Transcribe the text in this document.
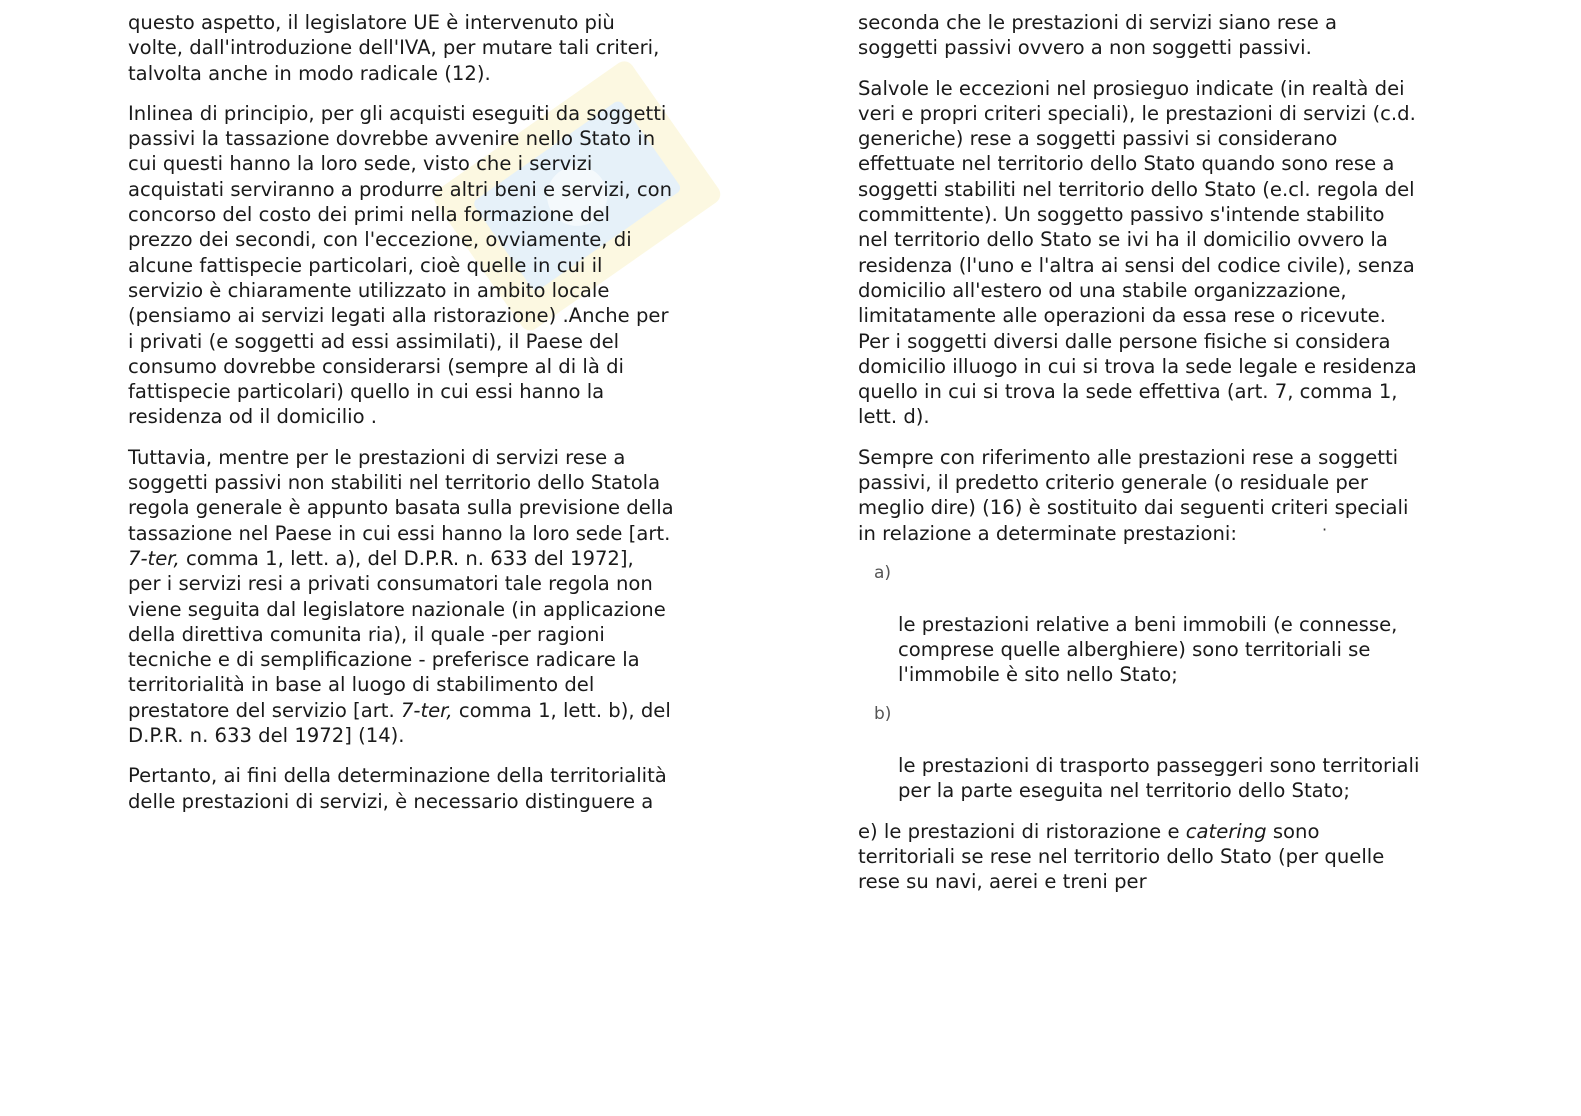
questo aspetto, il legislatore UE è intervenuto più
volte, dall'introduzione dell'IVA, per mutare tali criteri,
talvolta anche in modo radicale (12).

Inlinea di principio, per gli acquisti eseguiti da soggetti
passivi la tassazione dovrebbe avvenire nello Stato in
cui questi hanno la loro sede, visto che i servizi
acquistati serviranno a produrre altri beni e servizi, con
concorso del costo dei primi nella formazione del
prezzo dei secondi, con l'eccezione, ovviamente, di
alcune fattispecie particolari, cioè quelle in cui il
servizio è chiaramente utilizzato in ambito locale
(pensiamo ai servizi legati alla ristorazione) .Anche per
i privati (e soggetti ad essi assimilati), il Paese del
consumo dovrebbe considerarsi (sempre al di là di
fattispecie particolari) quello in cui essi hanno la
residenza od il domicilio .

Tuttavia, mentre per le prestazioni di servizi rese a
soggetti passivi non stabiliti nel territorio dello Statola
regola generale è appunto basata sulla previsione della
tassazione nel Paese in cui essi hanno la loro sede [art.
7-ter, comma 1, lett. a), del D.P.R. n. 633 del 1972],
per i servizi resi a privati consumatori tale regola non
viene seguita dal legislatore nazionale (in applicazione
della direttiva comunita ria), il quale -per ragioni
tecniche e di semplificazione - preferisce radicare la
territorialità in base al luogo di stabilimento del
prestatore del servizio [art. 7-ter, comma 1, lett. b), del
D.P.R. n. 633 del 1972] (14).

Pertanto, ai fini della determinazione della territorialità
delle prestazioni di servizi, è necessario distinguere a

seconda che le prestazioni di servizi siano rese a
soggetti passivi ovvero a non soggetti passivi.

Salvole le eccezioni nel prosieguo indicate (in realtà dei
veri e propri criteri speciali), le prestazioni di servizi (c.d.
generiche) rese a soggetti passivi si considerano
effettuate nel territorio dello Stato quando sono rese a
soggetti stabiliti nel territorio dello Stato (e.cl. regola del
committente). Un soggetto passivo s'intende stabilito
nel territorio dello Stato se ivi ha il domicilio ovvero la
residenza (l'uno e l'altra ai sensi del codice civile), senza
domicilio all'estero od una stabile organizzazione,
limitatamente alle operazioni da essa rese o ricevute.
Per i soggetti diversi dalle persone fisiche si considera
domicilio illuogo in cui si trova la sede legale e residenza
quello in cui si trova la sede effettiva (art. 7, comma 1,
lett. d).

Sempre con riferimento alle prestazioni rese a soggetti
passivi, il predetto criterio generale (o residuale per
meglio dire) (16) è sostituito dai seguenti criteri speciali
in relazione a determinate prestazioni:

a)

le prestazioni relative a beni immobili (e connesse,
comprese quelle alberghiere) sono territoriali se
l'immobile è sito nello Stato;

b)

le prestazioni di trasporto passeggeri sono territoriali
per la parte eseguita nel territorio dello Stato;

e) le prestazioni di ristorazione e catering sono
territoriali se rese nel territorio dello Stato (per quelle
rese su navi, aerei e treni per

·
